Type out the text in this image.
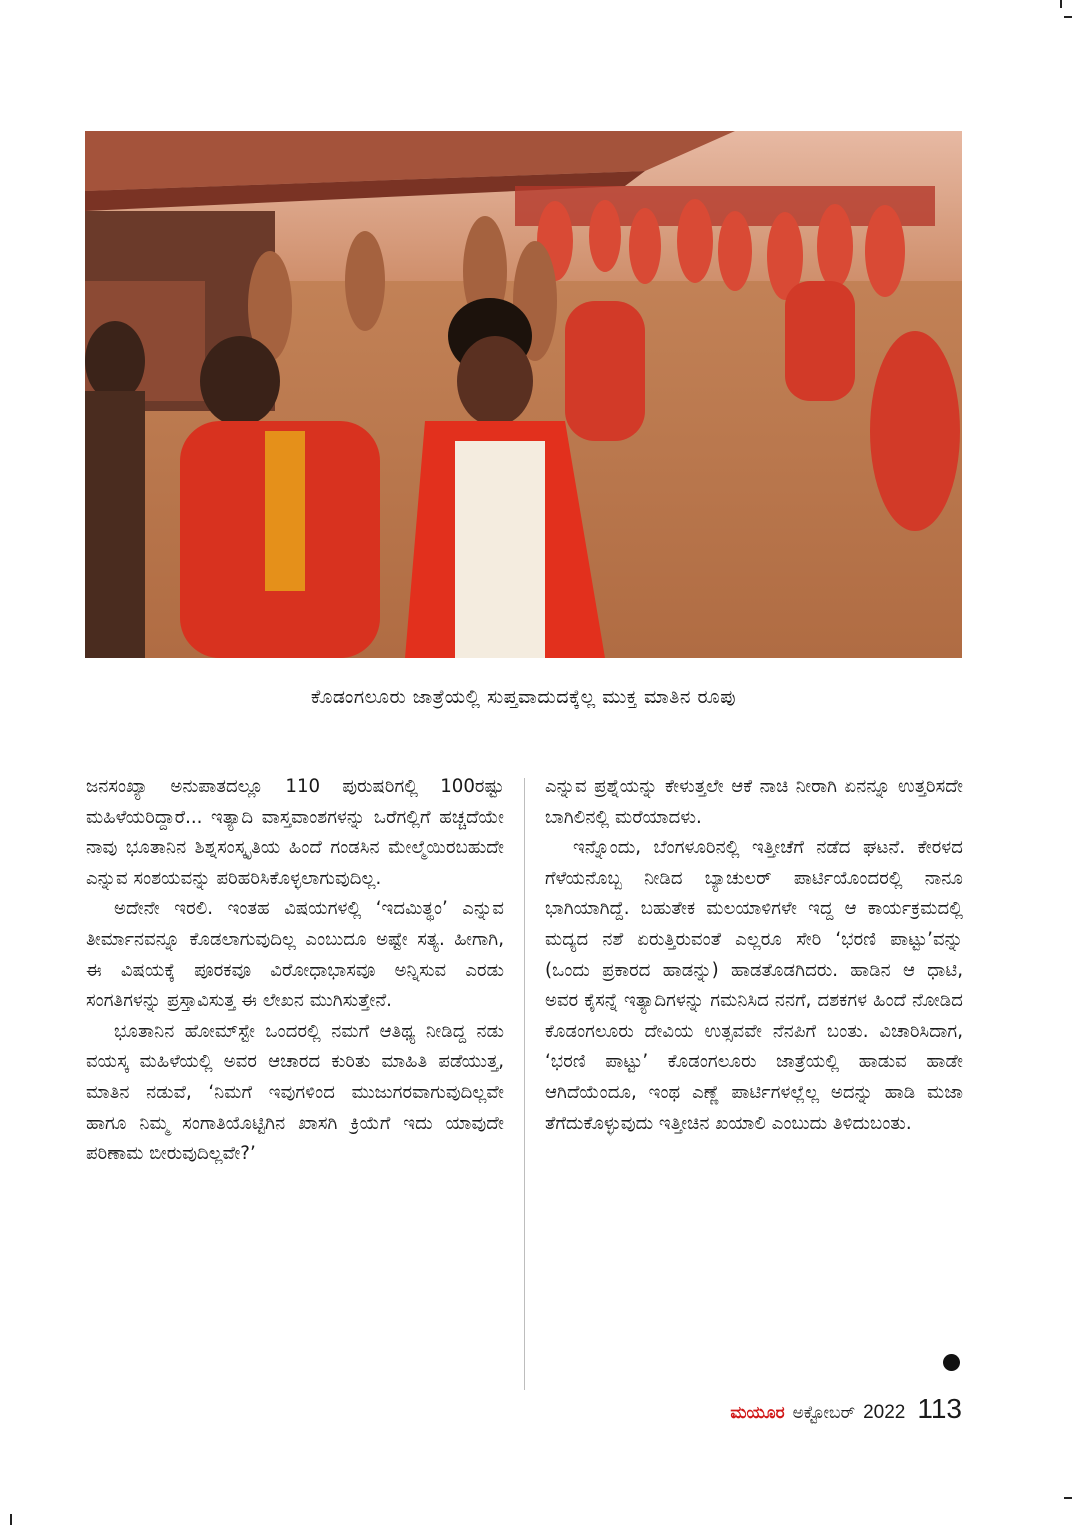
ಕೊಡಂಗಲೂರು ಜಾತ್ರೆಯಲ್ಲಿ ಸುಪ್ತವಾದುದಕ್ಕೆಲ್ಲ ಮುಕ್ತ ಮಾತಿನ ರೂಪು

ಜನಸಂಖ್ಯಾ ಅನುಪಾತದಲ್ಲೂ 110 ಪುರುಷರಿಗಲ್ಲಿ 100ರಷ್ಟು ಮಹಿಳೆಯರಿದ್ದಾರೆ... ಇತ್ಯಾದಿ ವಾಸ್ತವಾಂಶಗಳನ್ನು ಒರೆಗಲ್ಲಿಗೆ ಹಚ್ಚದೆಯೇ ನಾವು ಭೂತಾನಿನ ಶಿಶ್ನಸಂಸ್ಕೃತಿಯ ಹಿಂದೆ ಗಂಡಸಿನ ಮೇಲ್ಮೆಯಿರಬಹುದೇ ಎನ್ನುವ ಸಂಶಯವನ್ನು ಪರಿಹರಿಸಿಕೊಳ್ಳಲಾಗುವುದಿಲ್ಲ.

ಅದೇನೇ ಇರಲಿ. ಇಂತಹ ವಿಷಯಗಳಲ್ಲಿ ‘ಇದಮಿತ್ಥಂ’ ಎನ್ನುವ ತೀರ್ಮಾನವನ್ನೂ ಕೊಡಲಾಗುವುದಿಲ್ಲ ಎಂಬುದೂ ಅಷ್ಟೇ ಸತ್ಯ. ಹೀಗಾಗಿ, ಈ ವಿಷಯಕ್ಕೆ ಪೂರಕವೂ ವಿರೋಧಾಭಾಸವೂ ಅನ್ನಿಸುವ ಎರಡು ಸಂಗತಿಗಳನ್ನು ಪ್ರಸ್ತಾವಿಸುತ್ತ ಈ ಲೇಖನ ಮುಗಿಸುತ್ತೇನೆ.

ಭೂತಾನಿನ ಹೋಮ್‌ಸ್ಟೇ ಒಂದರಲ್ಲಿ ನಮಗೆ ಆತಿಥ್ಯ ನೀಡಿದ್ದ ನಡು ವಯಸ್ಕ ಮಹಿಳೆಯಲ್ಲಿ ಅವರ ಆಚಾರದ ಕುರಿತು ಮಾಹಿತಿ ಪಡೆಯುತ್ತ, ಮಾತಿನ ನಡುವೆ, ‘ನಿಮಗೆ ಇವುಗಳಿಂದ ಮುಜುಗರವಾಗುವುದಿಲ್ಲವೇ ಹಾಗೂ ನಿಮ್ಮ ಸಂಗಾತಿಯೊಟ್ಟಿಗಿನ ಖಾಸಗಿ ಕ್ರಿಯೆಗೆ ಇದು ಯಾವುದೇ ಪರಿಣಾಮ ಬೀರುವುದಿಲ್ಲವೇ?’

ಎನ್ನುವ ಪ್ರಶ್ನೆಯನ್ನು ಕೇಳುತ್ತಲೇ ಆಕೆ ನಾಚಿ ನೀರಾಗಿ ಏನನ್ನೂ ಉತ್ತರಿಸದೇ ಬಾಗಿಲಿನಲ್ಲಿ ಮರೆಯಾದಳು.

ಇನ್ನೊಂದು, ಬೆಂಗಳೂರಿನಲ್ಲಿ ಇತ್ತೀಚೆಗೆ ನಡೆದ ಘಟನೆ. ಕೇರಳದ ಗೆಳೆಯನೊಬ್ಬ ನೀಡಿದ ಬ್ಯಾಚುಲರ್ ಪಾರ್ಟಿಯೊಂದರಲ್ಲಿ ನಾನೂ ಭಾಗಿಯಾಗಿದ್ದೆ. ಬಹುತೇಕ ಮಲಯಾಳಿಗಳೇ ಇದ್ದ ಆ ಕಾರ್ಯಕ್ರಮದಲ್ಲಿ ಮದ್ಯದ ನಶೆ ಏರುತ್ತಿರುವಂತೆ ಎಲ್ಲರೂ ಸೇರಿ ‘ಭರಣಿ ಪಾಟ್ಟು’ವನ್ನು (ಒಂದು ಪ್ರಕಾರದ ಹಾಡನ್ನು) ಹಾಡತೊಡಗಿದರು. ಹಾಡಿನ ಆ ಧಾಟಿ, ಅವರ ಕೈಸನ್ನೆ ಇತ್ಯಾದಿಗಳನ್ನು ಗಮನಿಸಿದ ನನಗೆ, ದಶಕಗಳ ಹಿಂದೆ ನೋಡಿದ ಕೊಡಂಗಲೂರು ದೇವಿಯ ಉತ್ಸವವೇ ನೆನಪಿಗೆ ಬಂತು. ವಿಚಾರಿಸಿದಾಗ, ‘ಭರಣಿ ಪಾಟ್ಟು’ ಕೊಡಂಗಲೂರು ಜಾತ್ರೆಯಲ್ಲಿ ಹಾಡುವ ಹಾಡೇ ಆಗಿದೆಯೆಂದೂ, ಇಂಥ ಎಣ್ಣೆ ಪಾರ್ಟಿಗಳಲ್ಲೆಲ್ಲ ಅದನ್ನು ಹಾಡಿ ಮಜಾ ತೆಗೆದುಕೊಳ್ಳುವುದು ಇತ್ತೀಚಿನ ಖಯಾಲಿ ಎಂಬುದು ತಿಳಿದುಬಂತು.

ಮಯೂರ ಅಕ್ಟೋಬರ್ 2022 113
